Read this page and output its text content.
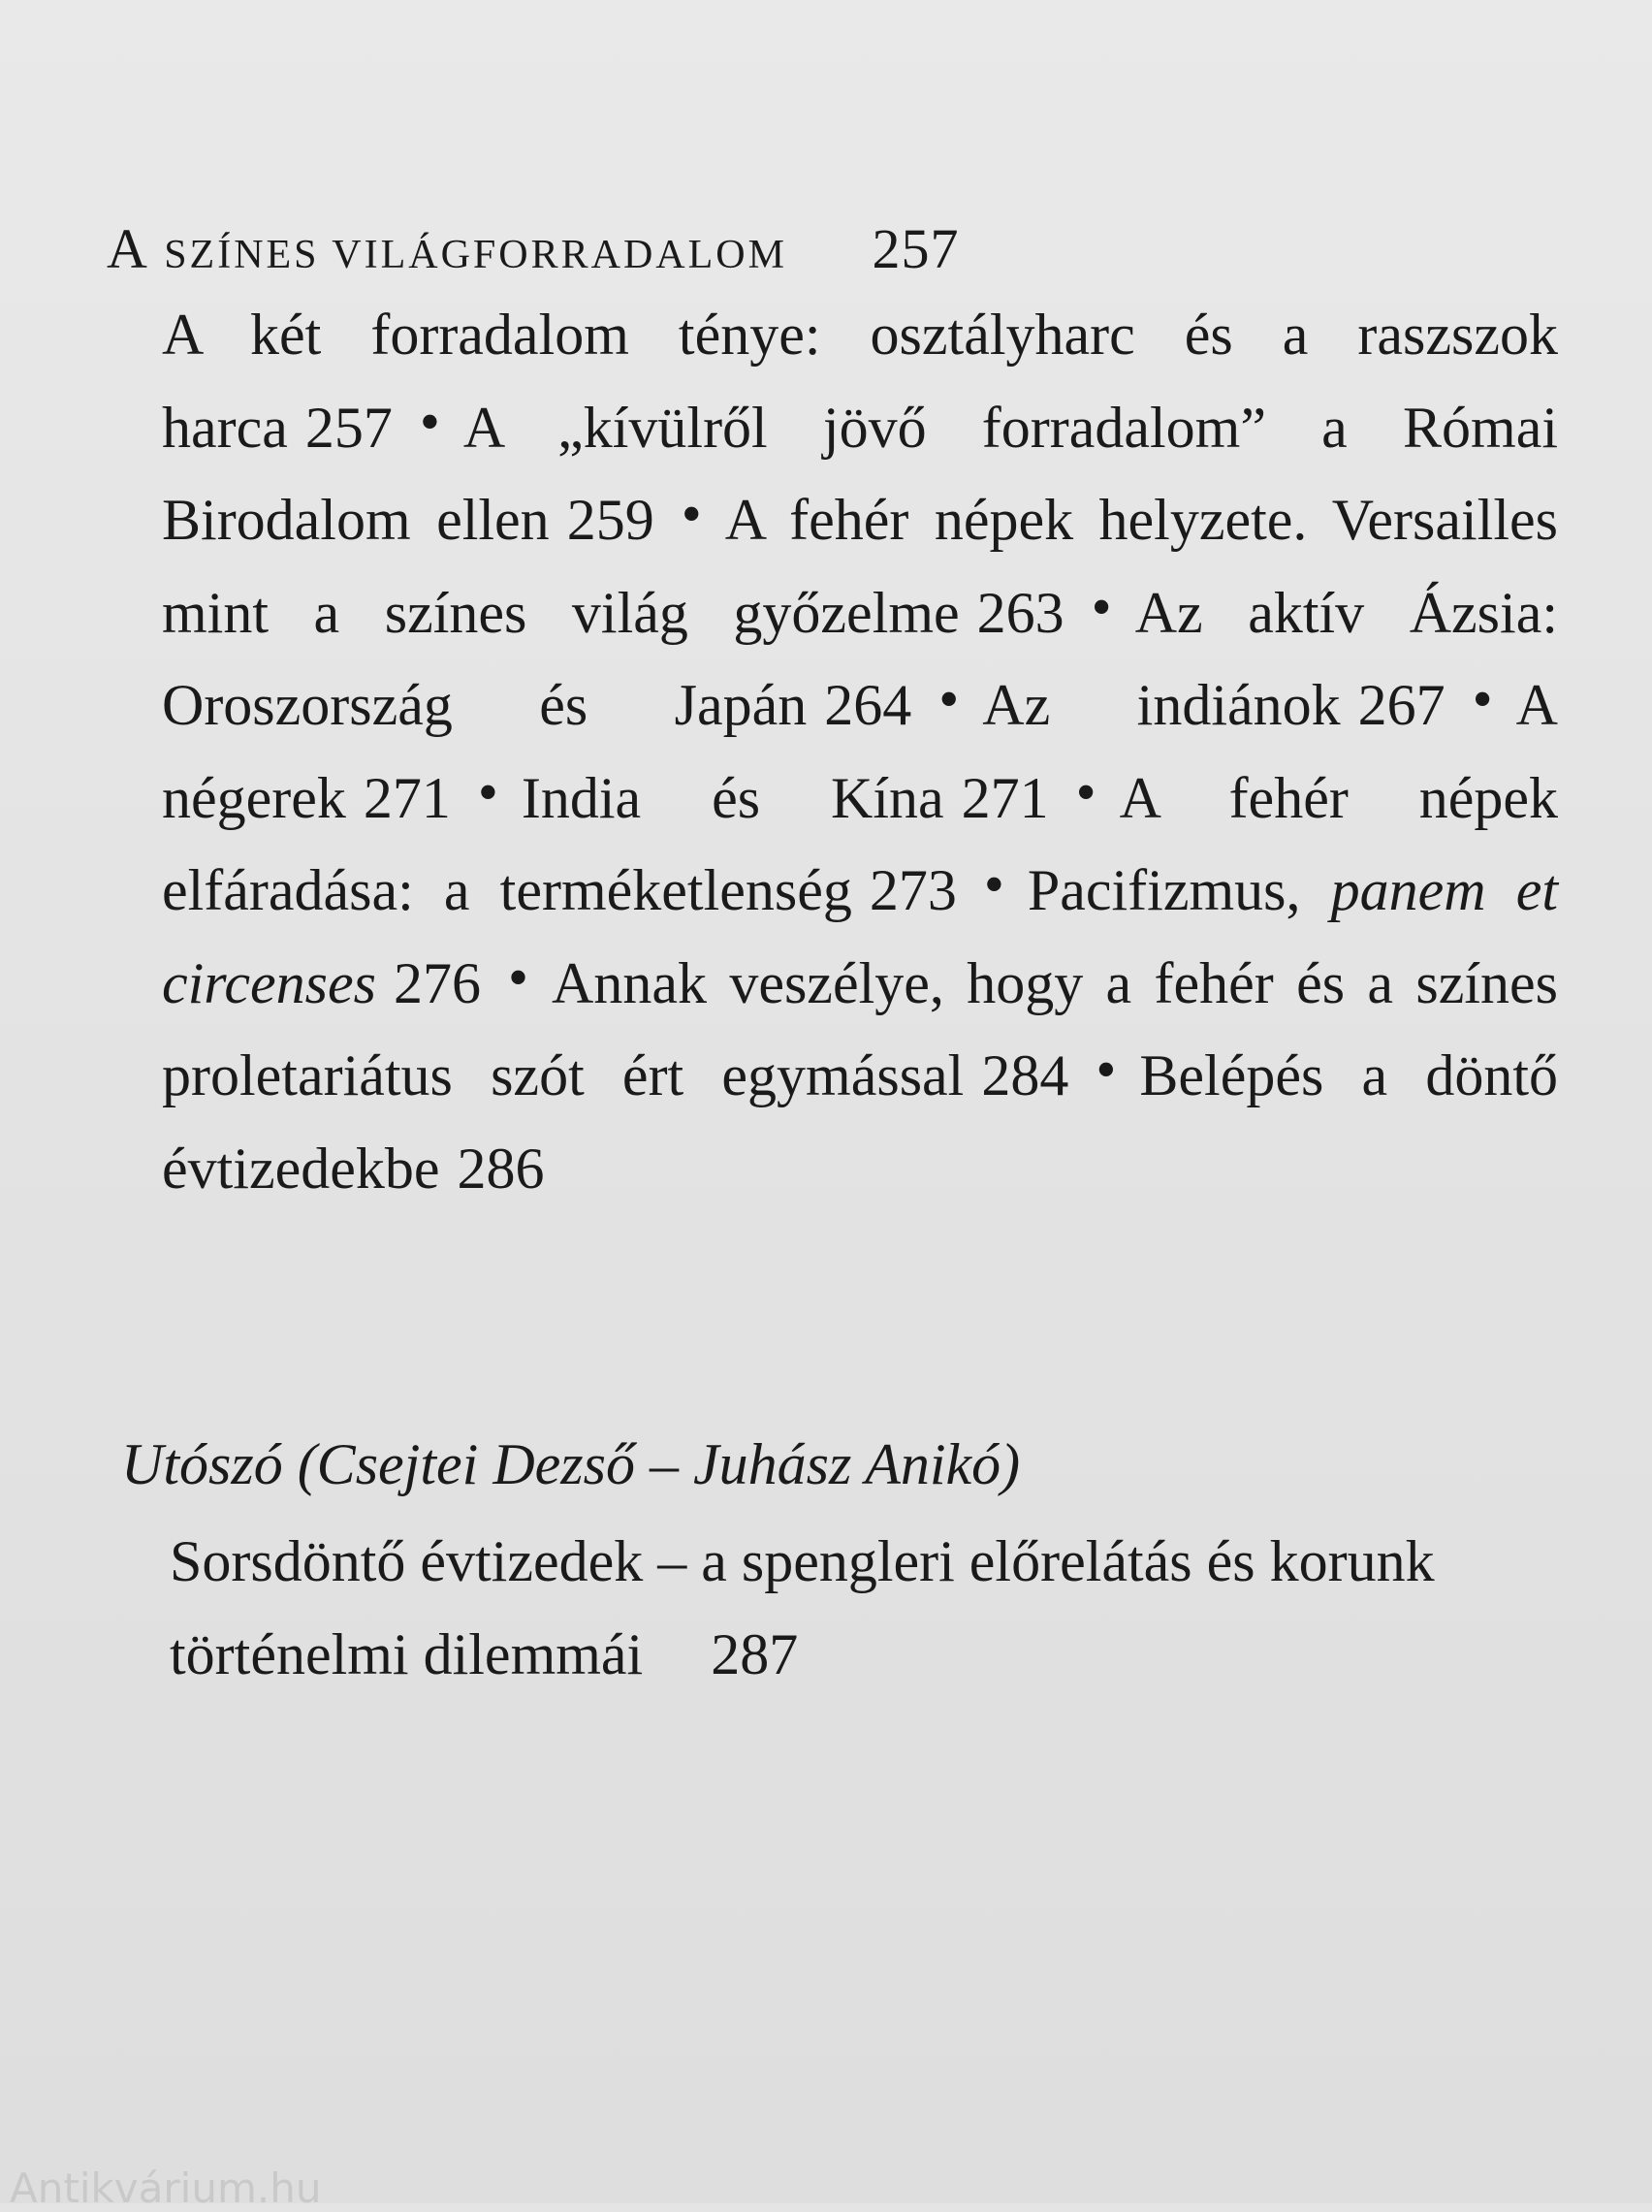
A SZÍNES VILÁGFORRADALOM 257

A két forradalom ténye: osztályharc és a raszszok harca 257 • A „kívülről jövő forradalom” a Római Birodalom ellen 259 • A fehér népek helyzete. Versailles mint a színes világ győzelme 263 • Az aktív Ázsia: Oroszország és Japán 264 • Az indiánok 267 • A négerek 271 • India és Kína 271 • A fehér népek elfáradása: a terméketlenség 273 • Pacifizmus, panem et circenses 276 • Annak veszélye, hogy a fehér és a színes proletariátus szót ért egymással 284 • Belépés a döntő évtizedekbe 286

Utószó (Csejtei Dezső – Juhász Anikó)

Sorsdöntő évtizedek – a spengleri előrelátás és korunk történelmi dilemmái 287

Antikvárium.hu
